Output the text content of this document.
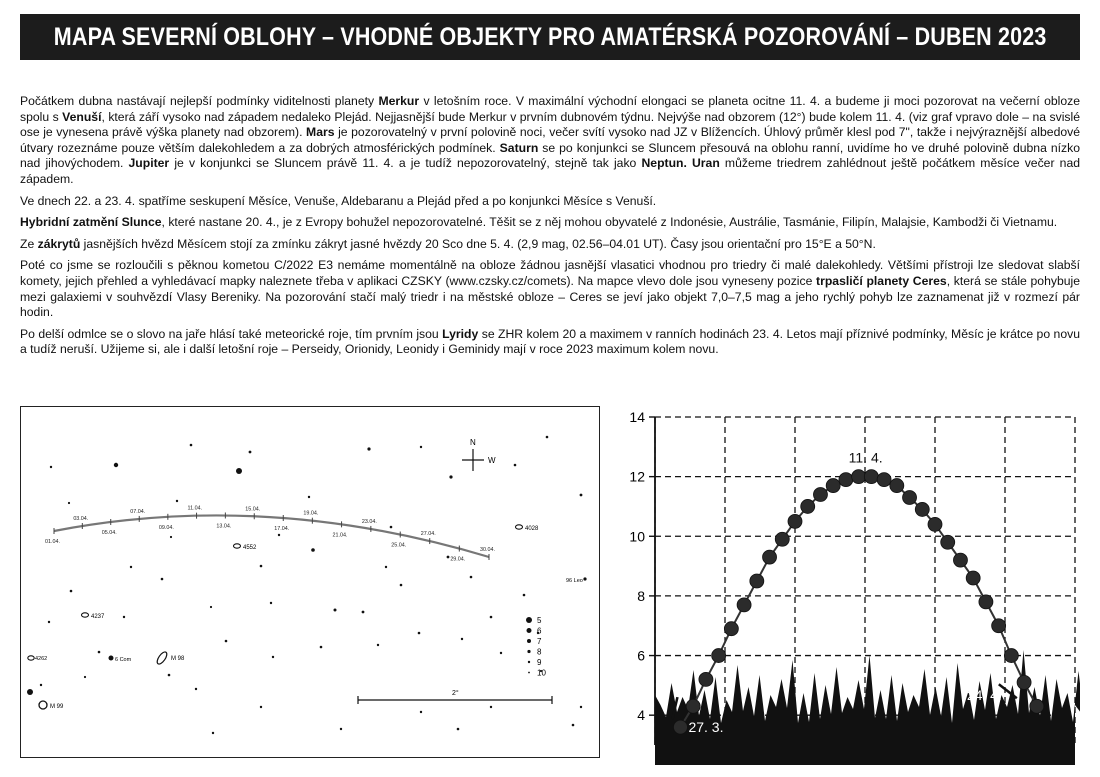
MAPA SEVERNÍ OBLOHY – VHODNÉ OBJEKTY PRO AMATÉRSKÁ POZOROVÁNÍ – DUBEN 2023

Počátkem dubna nastávají nejlepší podmínky viditelnosti planety Merkur v letošním roce. V maximální východní elongaci se planeta ocitne 11. 4. a budeme ji moci pozorovat na večerní obloze spolu s Venuší, která září vysoko nad západem nedaleko Plejád. Nejjasnější bude Merkur v prvním dubnovém týdnu. Nejvýše nad obzorem (12°) bude kolem 11. 4. (viz graf vpravo dole – na svislé ose je vynesena právě výška planety nad obzorem). Mars je pozorovatelný v první polovině noci, večer svítí vysoko nad JZ v Blížencích. Úhlový průměr klesl pod 7", takže i nejvýraznější albedové útvary rozeznáme pouze větším dalekohledem a za dobrých atmosférických podmínek. Saturn se po konjunkci se Sluncem přesouvá na oblohu ranní, uvidíme ho ve druhé polovině dubna nízko nad jihovýchodem. Jupiter je v konjunkci se Sluncem právě 11. 4. a je tudíž nepozorovatelný, stejně tak jako Neptun. Uran můžeme triedrem zahlédnout ještě počátkem měsíce večer nad západem.

Ve dnech 22. a 23. 4. spatříme seskupení Měsíce, Venuše, Aldebaranu a Plejád před a po konjunkci Měsíce s Venuší.

Hybridní zatmění Slunce, které nastane 20. 4., je z Evropy bohužel nepozorovatelné. Těšit se z něj mohou obyvatelé z Indonésie, Austrálie, Tasmánie, Filipín, Malajsie, Kambodži či Vietnamu.

Ze zákrytů jasnějších hvězd Měsícem stojí za zmínku zákryt jasné hvězdy 20 Sco dne 5. 4. (2,9 mag, 02.56–04.01 UT). Časy jsou orientační pro 15°E a 50°N.

Poté co jsme se rozloučili s pěknou kometou C/2022 E3 nemáme momentálně na obloze žádnou jasnější vlasatici vhodnou pro triedry či malé dalekohledy. Většími přístroji lze sledovat slabší komety, jejich přehled a vyhledávací mapky naleznete třeba v aplikaci CZSKY (www.czsky.cz/comets). Na mapce vlevo dole jsou vyneseny pozice trpasličí planety Ceres, která se stále pohybuje mezi galaxiemi v souhvězdí Vlasy Bereniky. Na pozorování stačí malý triedr i na městské obloze – Ceres se jeví jako objekt 7,0–7,5 mag a jeho rychlý pohyb lze zaznamenat již v rozmezí pár hodin.

Po delší odmlce se o slovo na jaře hlásí také meteorické roje, tím prvním jsou Lyridy se ZHR kolem 20 a maximem v ranních hodinách 23. 4. Letos mají příznivé podmínky, Měsíc je krátce po novu a tudíž neruší. Užijeme si, ale i další letošní roje – Perseidy, Orionidy, Leonidy i Geminidy mají v roce 2023 maximum kolem novu.

01.04.
03.04.
05.04.
07.04.
09.04.
11.04.
13.04.
15.04.
17.04.
19.04.
21.04.
23.04.
25.04.
27.04.
29.04.
30.04.
N
W
4028
4552
96 Leo
4237
6 Com	M 98
4262
M 99
5
6
7
8
9
10
2°
4
6
8
10
12
14
27. 3.
11. 4.
24. 4.
